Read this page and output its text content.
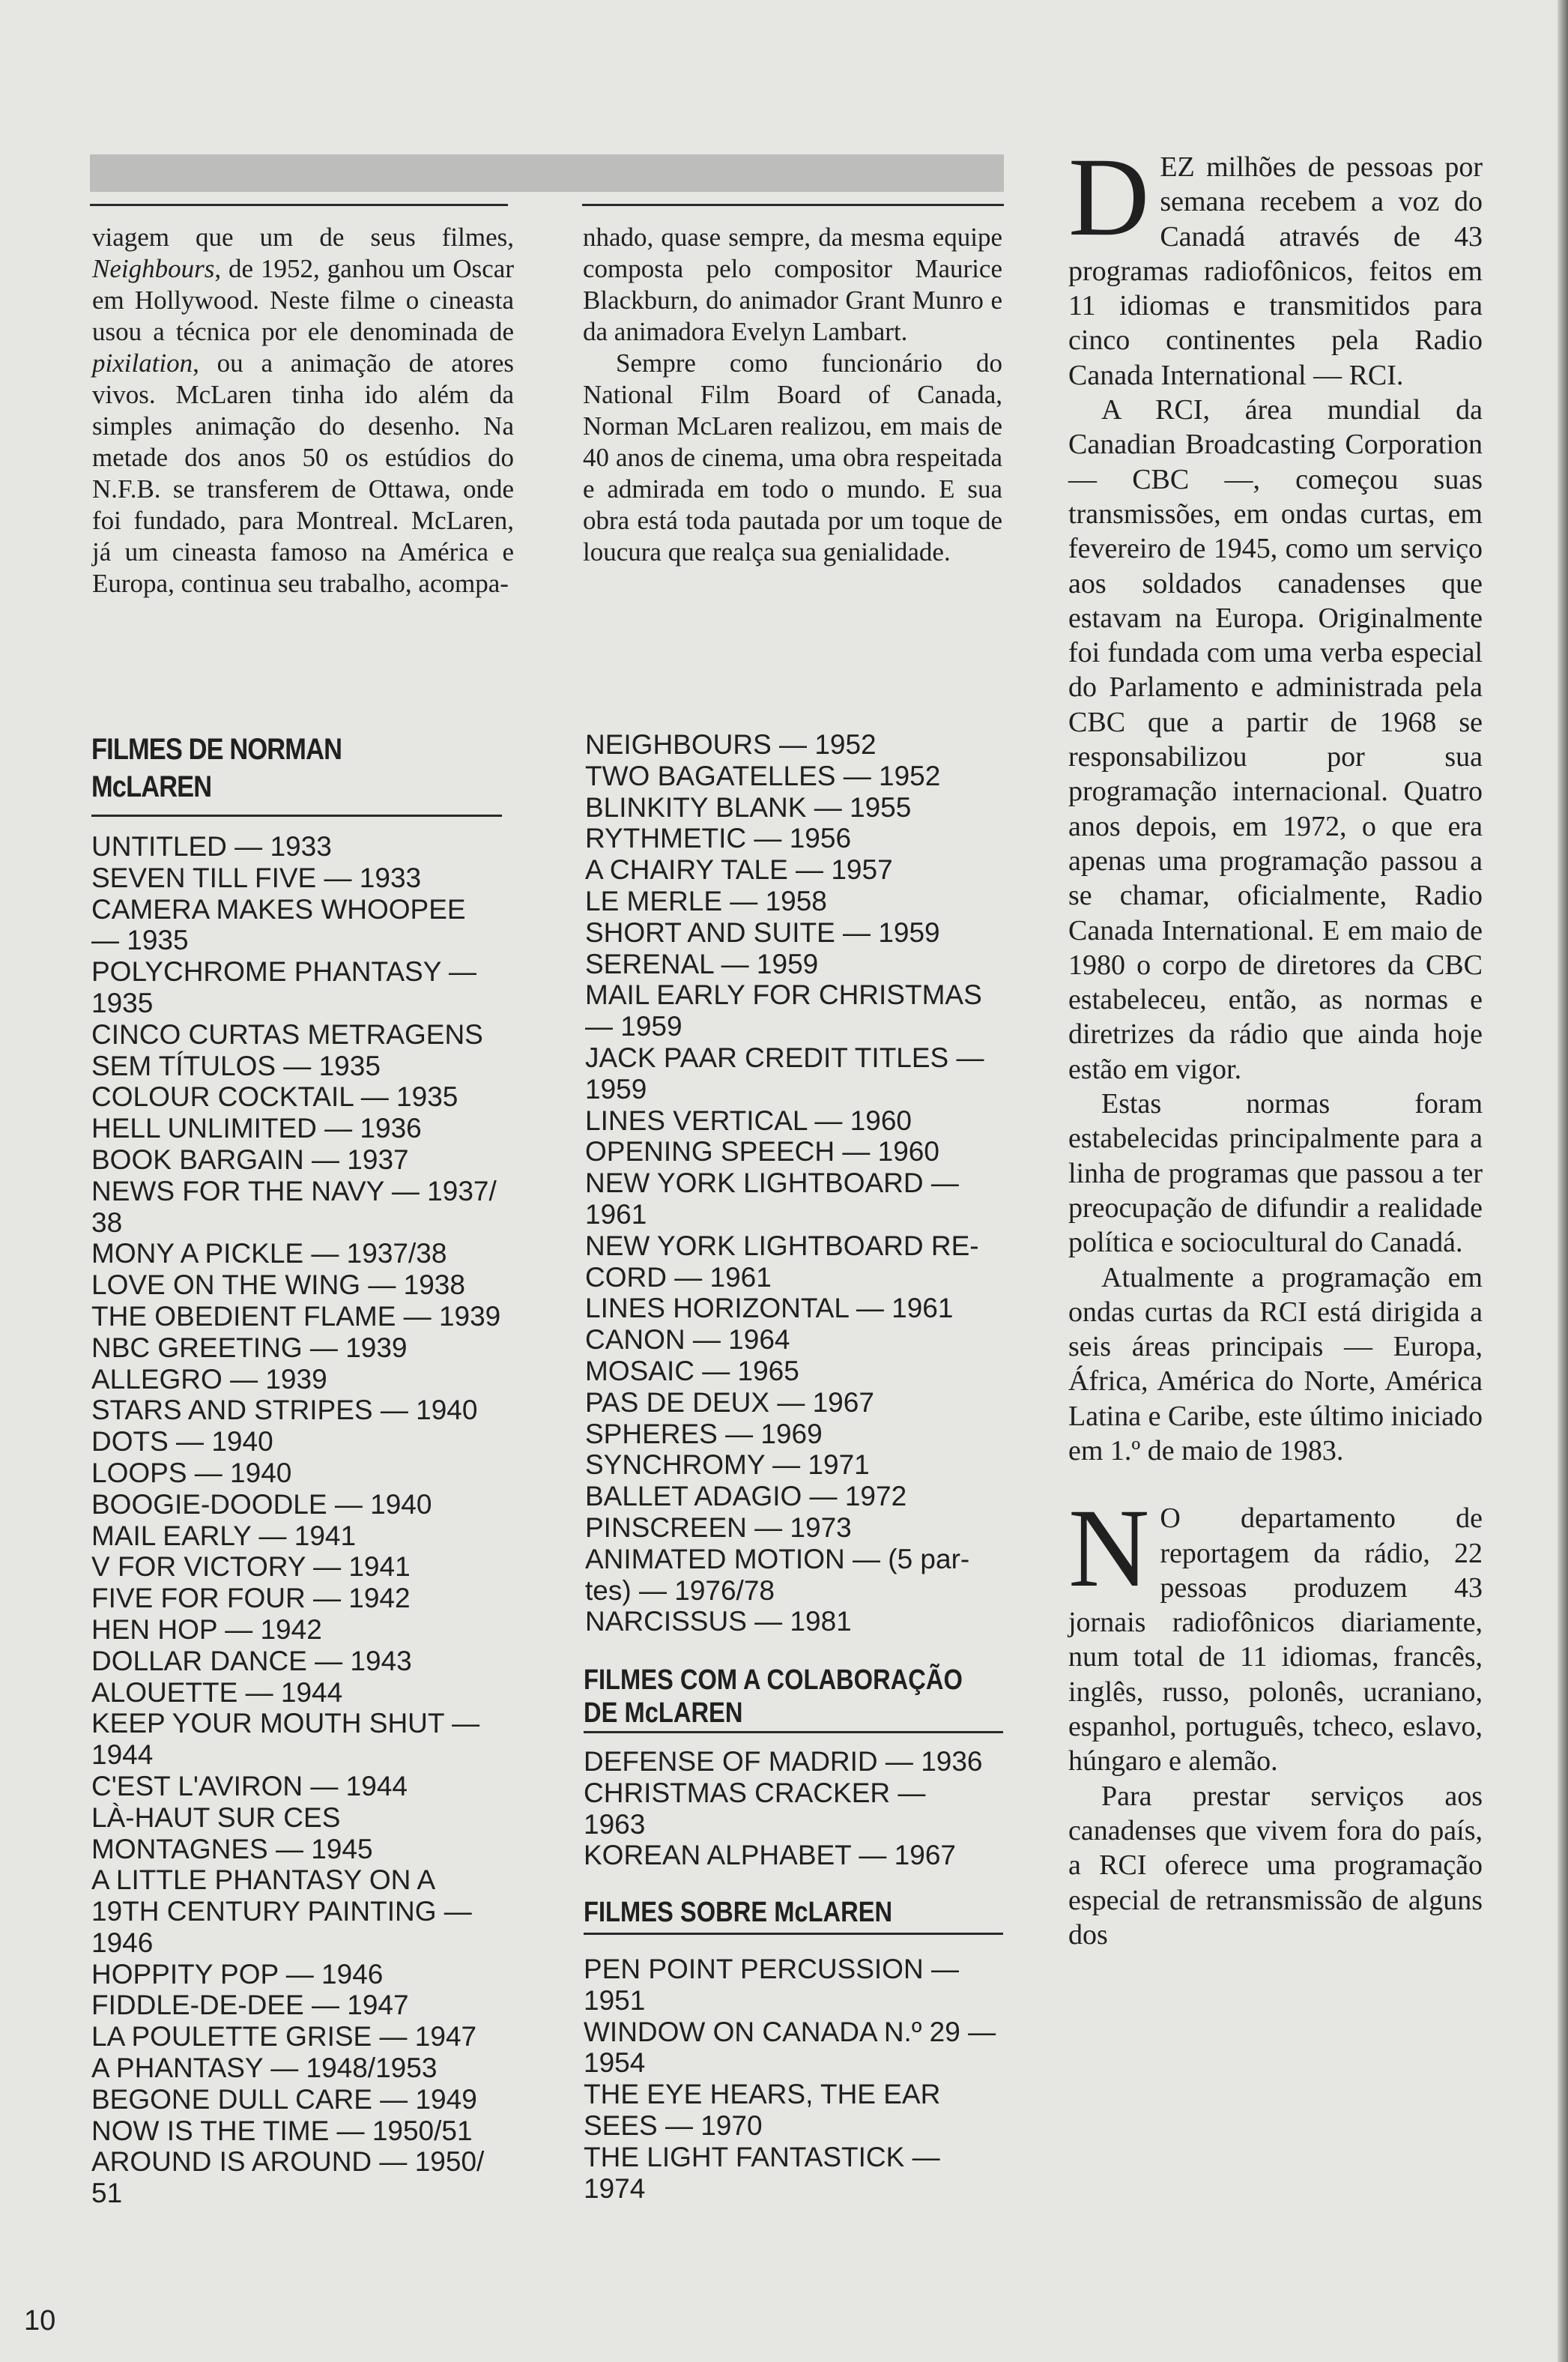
viagem que um de seus filmes, Neighbours, de 1952, ganhou um Oscar em Hollywood. Neste filme o cineasta usou a técnica por ele denominada de pixilation, ou a animação de atores vivos. McLaren tinha ido além da simples animação do desenho. Na metade dos anos 50 os estúdios do N.F.B. se transferem de Ottawa, onde foi fundado, para Montreal. McLaren, já um cineasta famoso na América e Europa, continua seu trabalho, acompa-

nhado, quase sempre, da mesma equipe composta pelo compositor Maurice Blackburn, do animador Grant Munro e da animadora Evelyn Lambart.

Sempre como funcionário do National Film Board of Canada, Norman McLaren realizou, em mais de 40 anos de cinema, uma obra respeitada e admirada em todo o mundo. E sua obra está toda pautada por um toque de loucura que realça sua genialidade.

FILMES DE NORMAN
McLAREN
UNTITLED — 1933
SEVEN TILL FIVE — 1933
CAMERA MAKES WHOOPEE
— 1935
POLYCHROME PHANTASY —
1935
CINCO CURTAS METRAGENS
SEM TÍTULOS — 1935
COLOUR COCKTAIL — 1935
HELL UNLIMITED — 1936
BOOK BARGAIN — 1937
NEWS FOR THE NAVY — 1937/
38
MONY A PICKLE — 1937/38
LOVE ON THE WING — 1938
THE OBEDIENT FLAME — 1939
NBC GREETING — 1939
ALLEGRO — 1939
STARS AND STRIPES — 1940
DOTS — 1940
LOOPS — 1940
BOOGIE-DOODLE — 1940
MAIL EARLY — 1941
V FOR VICTORY — 1941
FIVE FOR FOUR — 1942
HEN HOP — 1942
DOLLAR DANCE — 1943
ALOUETTE — 1944
KEEP YOUR MOUTH SHUT —
1944
C'EST L'AVIRON — 1944
LÀ-HAUT SUR CES
MONTAGNES — 1945
A LITTLE PHANTASY ON A
19TH CENTURY PAINTING —
1946
HOPPITY POP — 1946
FIDDLE-DE-DEE — 1947
LA POULETTE GRISE — 1947
A PHANTASY — 1948/1953
BEGONE DULL CARE — 1949
NOW IS THE TIME — 1950/51
AROUND IS AROUND — 1950/
51
NEIGHBOURS — 1952
TWO BAGATELLES — 1952
BLINKITY BLANK — 1955
RYTHMETIC — 1956
A CHAIRY TALE — 1957
LE MERLE — 1958
SHORT AND SUITE — 1959
SERENAL — 1959
MAIL EARLY FOR CHRISTMAS
— 1959
JACK PAAR CREDIT TITLES —
1959
LINES VERTICAL — 1960
OPENING SPEECH — 1960
NEW YORK LIGHTBOARD —
1961
NEW YORK LIGHTBOARD RE-
CORD — 1961
LINES HORIZONTAL — 1961
CANON — 1964
MOSAIC — 1965
PAS DE DEUX — 1967
SPHERES — 1969
SYNCHROMY — 1971
BALLET ADAGIO — 1972
PINSCREEN — 1973
ANIMATED MOTION — (5 par-
tes) — 1976/78
NARCISSUS — 1981
FILMES COM A COLABORAÇÃO
DE McLAREN
DEFENSE OF MADRID — 1936
CHRISTMAS CRACKER —
1963
KOREAN ALPHABET — 1967
FILMES SOBRE McLAREN
PEN POINT PERCUSSION —
1951
WINDOW ON CANADA N.º 29 —
1954
THE EYE HEARS, THE EAR
SEES — 1970
THE LIGHT FANTASTICK —
1974

DEZ milhões de pessoas por semana recebem a voz do Canadá através de 43 programas radiofônicos, feitos em 11 idiomas e transmitidos para cinco continentes pela Radio Canada International — RCI.

A RCI, área mundial da Canadian Broadcasting Corporation — CBC —, começou suas transmissões, em ondas curtas, em fevereiro de 1945, como um serviço aos soldados canadenses que estavam na Europa. Originalmente foi fundada com uma verba especial do Parlamento e administrada pela CBC que a partir de 1968 se responsabilizou por sua programação internacional. Quatro anos depois, em 1972, o que era apenas uma programação passou a se chamar, oficialmente, Radio Canada International. E em maio de 1980 o corpo de diretores da CBC estabeleceu, então, as normas e diretrizes da rádio que ainda hoje estão em vigor.

Estas normas foram estabelecidas principalmente para a linha de programas que passou a ter preocupação de difundir a realidade política e sociocultural do Canadá.

Atualmente a programação em ondas curtas da RCI está dirigida a seis áreas principais — Europa, África, América do Norte, América Latina e Caribe, este último iniciado em 1.º de maio de 1983.

N O departamento de reportagem da rádio, 22 pessoas produzem 43 jornais radiofônicos diariamente, num total de 11 idiomas, francês, inglês, russo, polonês, ucraniano, espanhol, português, tcheco, eslavo, húngaro e alemão.

Para prestar serviços aos canadenses que vivem fora do país, a RCI oferece uma programação especial de retransmissão de alguns dos

10
